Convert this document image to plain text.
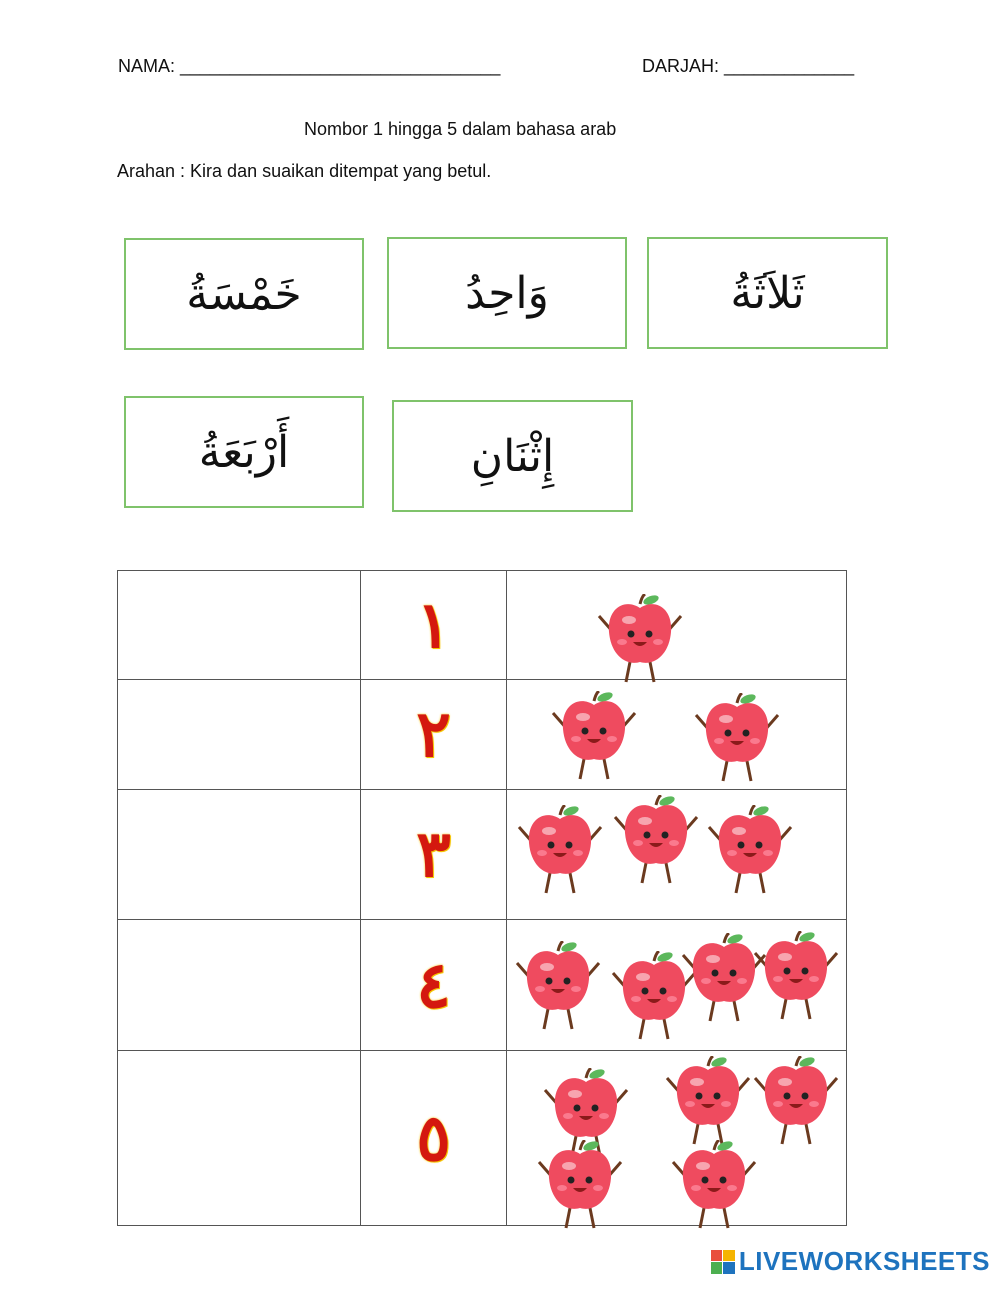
NAMA: ________________________________	DARJAH: _____________
Nombor 1 hingga 5 dalam bahasa arab
Arahan : Kira dan suaikan ditempat yang betul.
خَمْسَةُ	وَاحِدُ	ثَلاَثَةُ
أَرْبَعَةُ	إِثْنَانِ
	١	

	٢	

	٣	

	٤	

	٥	
LIVEWORKSHEETS
